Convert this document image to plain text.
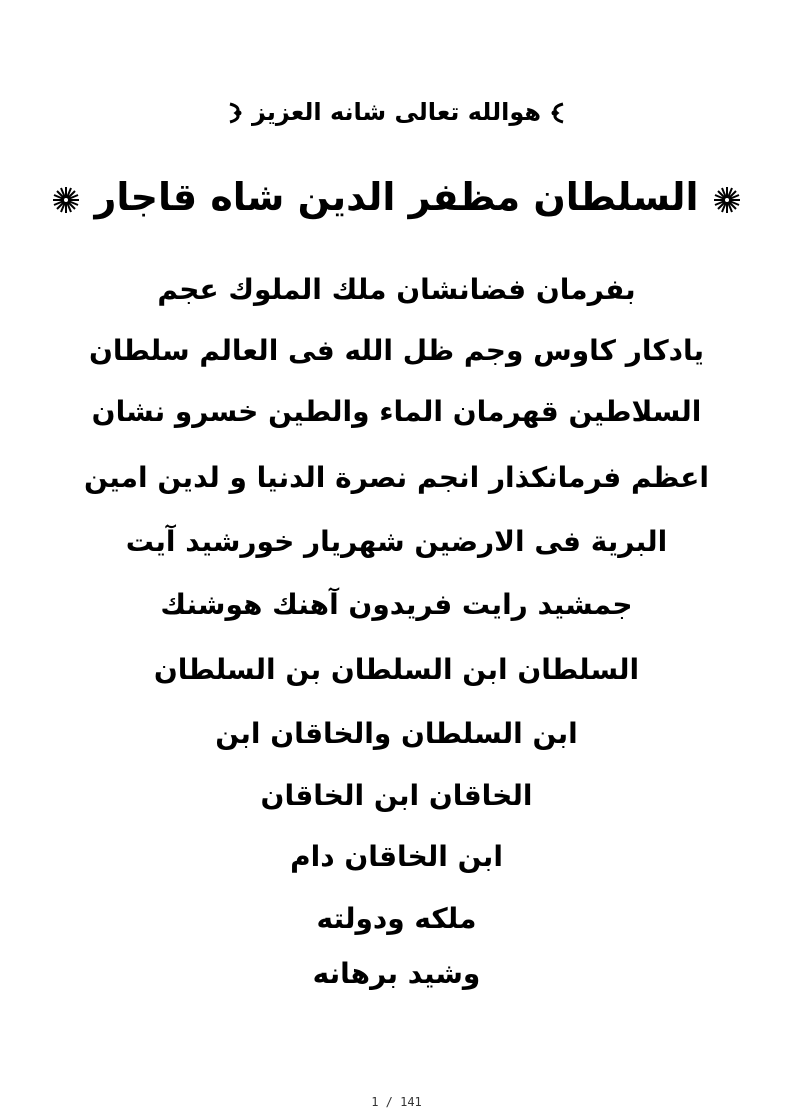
هوالله تعالى شانه العزيز
السلطان مظفر الدين شاه قاجار
بفرمان فضانشان ملك الملوك عجم
یادکار کاوس وجم ظل الله فى العالم سلطان
السلاطین قهرمان الماء والطین خسرو نشان
اعظم فرمانکذار انجم نصرة الدنیا و لدین امین
البریة فى الارضین شهریار خورشید آیت
جمشید رایت فریدون آهنك هوشنك
السلطان ابن السلطان بن السلطان
ابن السلطان والخاقان ابن
الخاقان ابن الخاقان
ابن الخاقان دام
ملكه ودولته
وشید برهانه
1 / 141
